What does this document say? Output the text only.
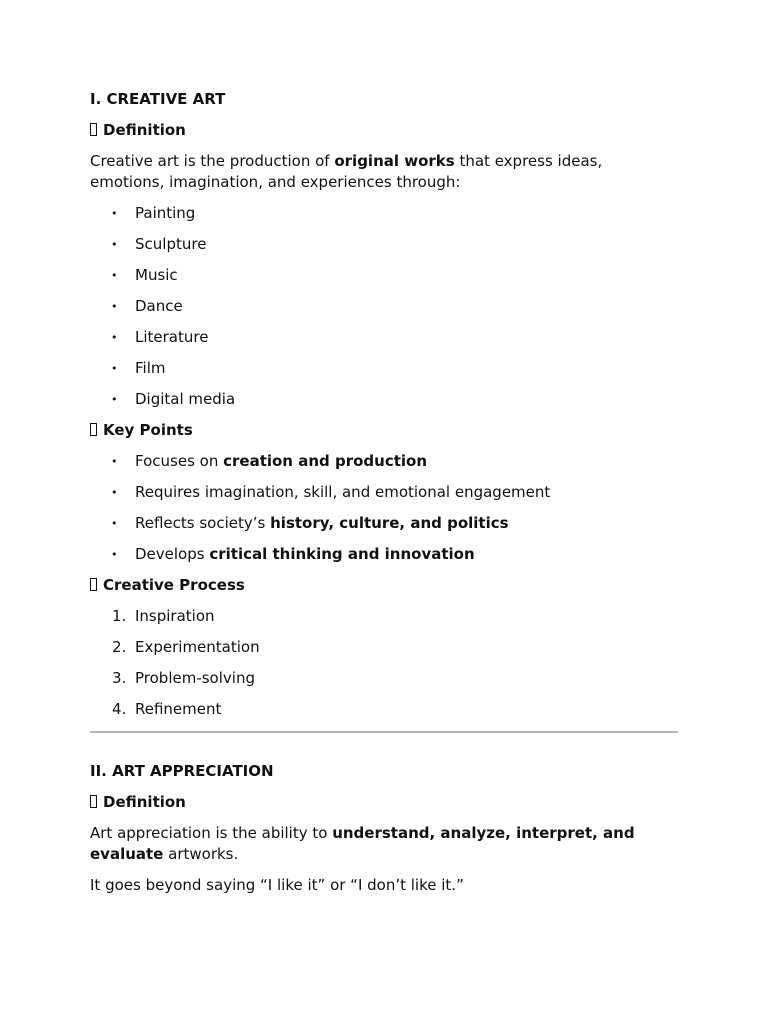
I. CREATIVE ART

Definition

Creative art is the production of original works that express ideas, emotions, imagination, and experiences through:

• Painting
• Sculpture
• Music
• Dance
• Literature
• Film
• Digital media

Key Points

• Focuses on creation and production
• Requires imagination, skill, and emotional engagement
• Reflects society’s history, culture, and politics
• Develops critical thinking and innovation

Creative Process

1. Inspiration
2. Experimentation
3. Problem-solving
4. Refinement

II. ART APPRECIATION

Definition

Art appreciation is the ability to understand, analyze, interpret, and evaluate artworks.

It goes beyond saying “I like it” or “I don’t like it.”
